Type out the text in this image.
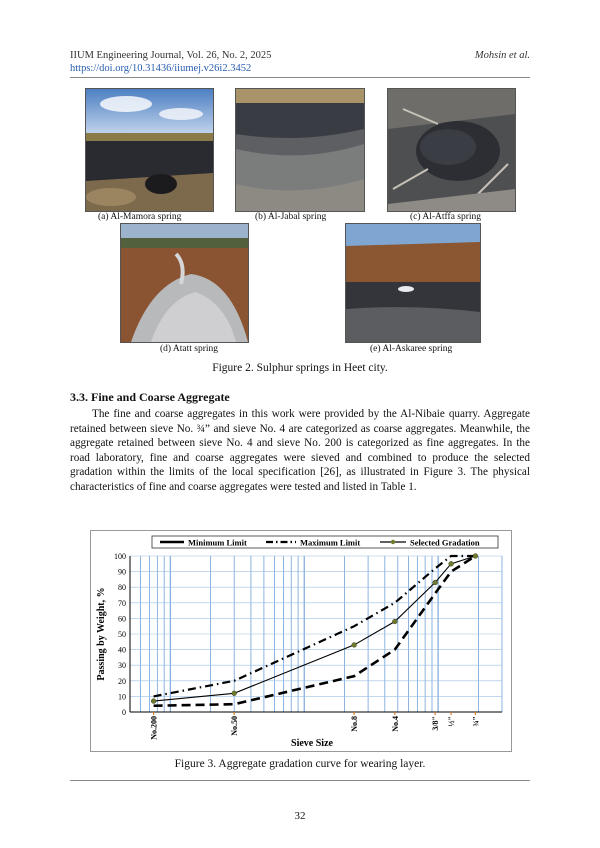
IIUM Engineering Journal, Vol. 26, No. 2, 2025
https://doi.org/10.31436/iiumej.v26i2.3452
Mohsin et al.
(a) Al-Mamora spring	(b) Al-Jabal spring	(c) Al-Atffa spring
(d) Atatt spring	(e) Al-Askaree spring
Figure 2. Sulphur springs in Heet city.
3.3. Fine and Coarse Aggregate
The fine and coarse aggregates in this work were provided by the Al-Nibaie quarry. Aggregate retained between sieve No. ¾” and sieve No. 4 are categorized as coarse aggregates. Meanwhile, the aggregate retained between sieve No. 4 and sieve No. 200 is categorized as fine aggregates. In the road laboratory, fine and coarse aggregates were sieved and combined to produce the selected gradation within the limits of the local specification [26], as illustrated in Figure 3. The physical characteristics of fine and coarse aggregates were tested and listed in Table 1.
Minimum Limit	Maximum Limit	Selected Gradation
0
10
20
30
40
50
60
70
80
90
100
No.200	No.50	No.8	No.4	3/8" ½" ¾"
Sieve Size
Passing by Weight, %
Figure 3. Aggregate gradation curve for wearing layer.
32
